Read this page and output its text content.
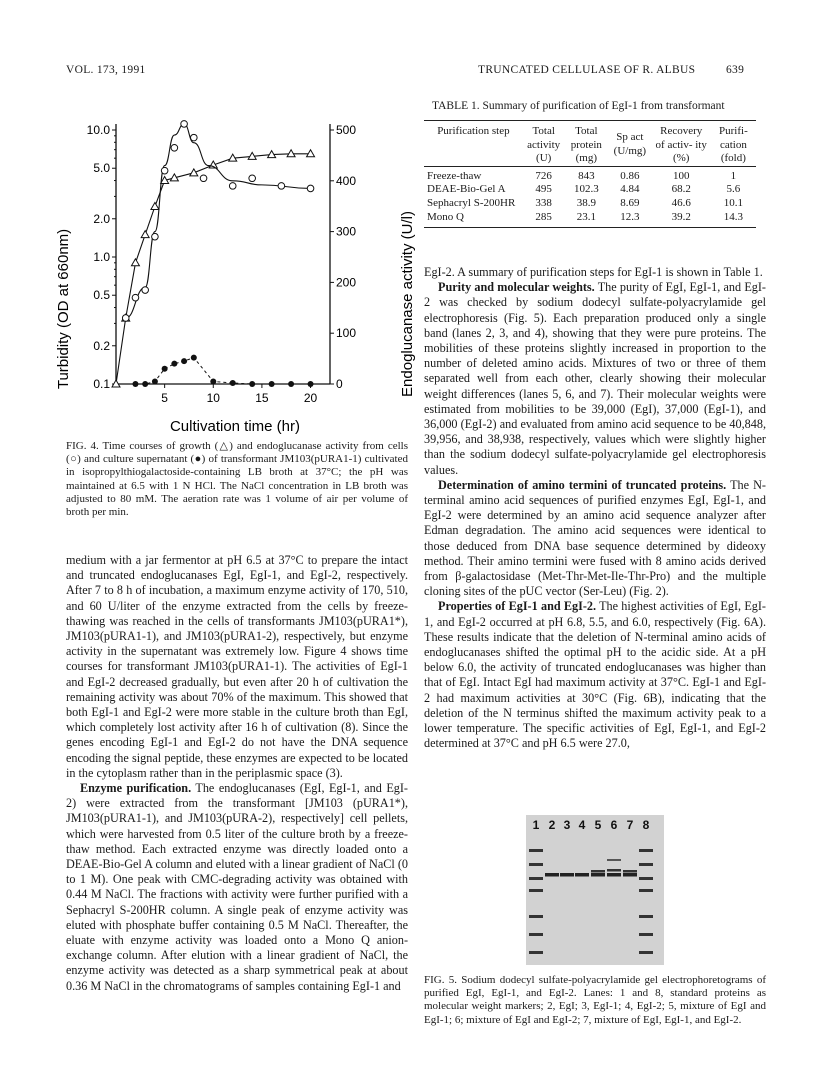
VOL. 173, 1991	TRUNCATED CELLULASE OF R. ALBUS	639
10.0
5.0
2.0
1.0
0.5
0.2
0.1
500
400
300
200
100
0
5	10	15	20
Turbidity (OD at 660nm)	Endoglucanase activity (U/l)
Cultivation time (hr)
FIG. 4. Time courses of growth (△) and endoglucanase activity from cells (○) and culture supernatant (●) of transformant JM103(pURA1-1) cultivated in isopropylthiogalactoside-containing LB broth at 37°C; the pH was maintained at 6.5 with 1 N HCl. The NaCl concentration in LB broth was adjusted to 80 mM. The aeration rate was 1 volume of air per volume of broth per min.
TABLE 1. Summary of purification of EgI-1 from transformant
Purification step	Total activity (U)	Total protein (mg)	Sp act (U/mg)	Recovery of activ- ity (%)	Purifi- cation (fold)

Freeze-thaw	726	843	0.86	100	1
DEAE-Bio-Gel A	495	102.3	4.84	68.2	5.6
Sephacryl S-200HR	338	38.9	8.69	46.6	10.1
Mono Q	285	23.1	12.3	39.2	14.3

medium with a jar fermentor at pH 6.5 at 37°C to prepare the intact and truncated endoglucanases EgI, EgI-1, and EgI-2, respectively. After 7 to 8 h of incubation, a maximum enzyme activity of 170, 510, and 60 U/liter of the enzyme extracted from the cells by freeze-thawing was reached in the cells of transformants JM103(pURA1*), JM103(pURA1-1), and JM103(pURA1-2), respectively, but enzyme activity in the supernatant was extremely low. Figure 4 shows time courses for transformant JM103(pURA1-1). The activities of EgI-1 and EgI-2 decreased gradually, but even after 20 h of cultivation the remaining activity was about 70% of the maximum. This showed that both EgI-1 and EgI-2 were more stable in the culture broth than EgI, which completely lost activity after 16 h of cultivation (8). Since the genes encoding EgI-1 and EgI-2 do not have the DNA sequence encoding the signal peptide, these enzymes are expected to be located in the cytoplasm rather than in the periplasmic space (3).

Enzyme purification. The endoglucanases (EgI, EgI-1, and EgI-2) were extracted from the transformant [JM103 (pURA1*), JM103(pURA1-1), and JM103(pURA-2), respectively] cell pellets, which were harvested from 0.5 liter of the culture broth by a freeze-thaw method. Each extracted enzyme was directly loaded onto a DEAE-Bio-Gel A column and eluted with a linear gradient of NaCl (0 to 1 M). One peak with CMC-degrading activity was obtained with 0.44 M NaCl. The fractions with activity were further purified with a Sephacryl S-200HR column. A single peak of enzyme activity was eluted with phosphate buffer containing 0.5 M NaCl. Thereafter, the eluate with enzyme activity was loaded onto a Mono Q anion-exchange column. After elution with a linear gradient of NaCl, the enzyme activity was detected as a sharp symmetrical peak at about 0.36 M NaCl in the chromatograms of samples containing EgI-1 and

EgI-2. A summary of purification steps for EgI-1 is shown in Table 1.

Purity and molecular weights. The purity of EgI, EgI-1, and EgI-2 was checked by sodium dodecyl sulfate-polyacrylamide gel electrophoresis (Fig. 5). Each preparation produced only a single band (lanes 2, 3, and 4), showing that they were pure proteins. The mobilities of these proteins slightly increased in proportion to the number of deleted amino acids. Mixtures of two or three of them separated well from each other, clearly showing their molecular weight differences (lanes 5, 6, and 7). Their molecular weights were estimated from mobilities to be 39,000 (EgI), 37,000 (EgI-1), and 36,000 (EgI-2) and evaluated from amino acid sequence to be 40,848, 39,956, and 38,938, respectively, values which were slightly higher than the sodium dodecyl sulfate-polyacrylamide gel electrophoresis values.

Determination of amino termini of truncated proteins. The N-terminal amino acid sequences of purified enzymes EgI, EgI-1, and EgI-2 were determined by an amino acid sequence analyzer after Edman degradation. The amino acid sequences were identical to those deduced from DNA base sequence determined by dideoxy method. Their amino termini were fused with 8 amino acids derived from β-galactosidase (Met-Thr-Met-Ile-Thr-Pro) and the multiple cloning sites of the pUC vector (Ser-Leu) (Fig. 2).

Properties of EgI-1 and EgI-2. The highest activities of EgI, EgI-1, and EgI-2 occurred at pH 6.8, 5.5, and 6.0, respectively (Fig. 6A). These results indicate that the deletion of N-terminal amino acids of endoglucanases shifted the optimal pH to the acidic side. At a pH below 6.0, the activity of truncated endoglucanases was higher than that of EgI. Intact EgI had maximum activity at 37°C. EgI-1 and EgI-2 had maximum activities at 30°C (Fig. 6B), indicating that the deletion of the N terminus shifted the maximum activity peak to a lower temperature. The specific activities of EgI, EgI-1, and EgI-2 determined at 37°C and pH 6.5 were 27.0,

1 2 3 4 5 6 7 8
FIG. 5. Sodium dodecyl sulfate-polyacrylamide gel electrophoretograms of purified EgI, EgI-1, and EgI-2. Lanes: 1 and 8, standard proteins as molecular weight markers; 2, EgI; 3, EgI-1; 4, EgI-2; 5, mixture of EgI and EgI-1; 6; mixture of EgI and EgI-2; 7, mixture of EgI, EgI-1, and EgI-2.
